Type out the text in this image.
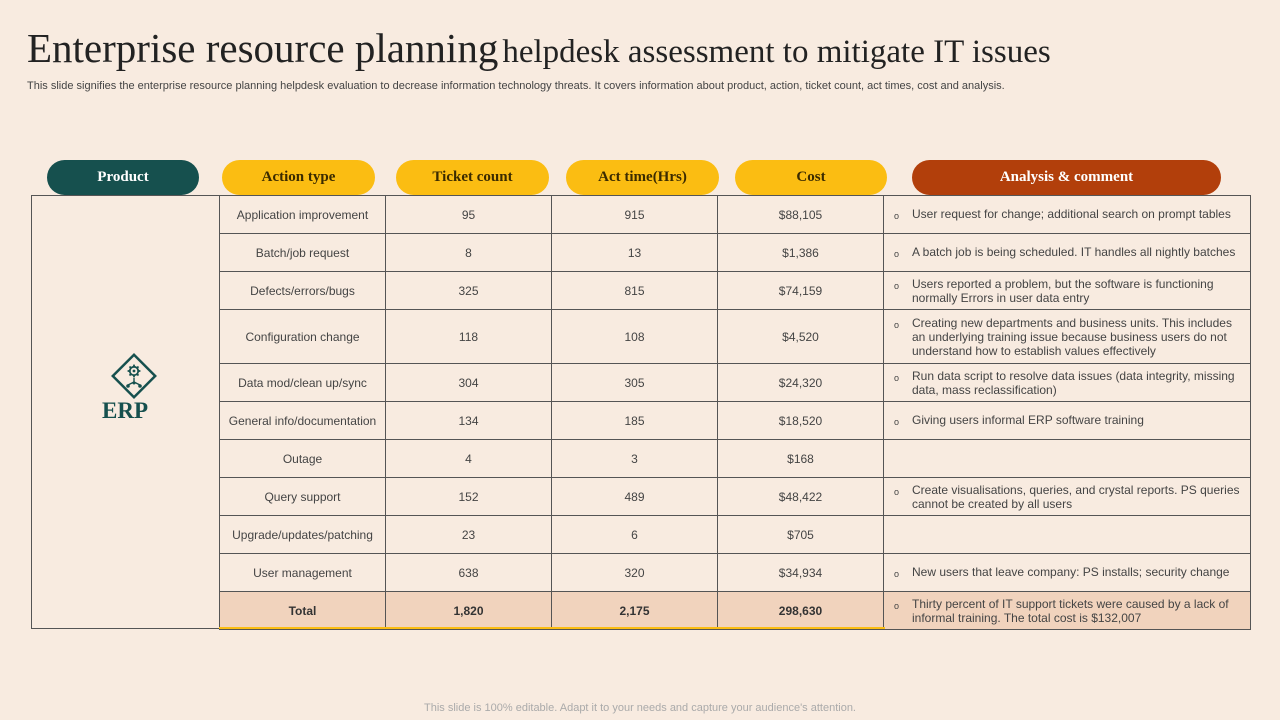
Enterprise resource planning helpdesk assessment to mitigate IT issues
This slide signifies the enterprise resource planning helpdesk evaluation to decrease information technology threats. It covers information about product, action, ticket count, act times, cost and analysis.
Product	Action type	Ticket count	Act time(Hrs)	Cost	Analysis & comment
ERP
Application improvement	95	915	$88,105	o User request for change; additional search on prompt tables

Batch/job request	8	13	$1,386	o A batch job is being scheduled. IT handles all nightly batches

Defects/errors/bugs	325	815	$74,159	o Users reported a problem, but the software is functioning normally Errors in user data entry

Configuration change	118	108	$4,520	o Creating new departments and business units. This includes an underlying training issue because business users do not understand how to establish values effectively

Data mod/clean up/sync	304	305	$24,320	o Run data script to resolve data issues (data integrity, missing data, mass reclassification)

General info/documentation	134	185	$18,520	o Giving users informal ERP software training

Outage	4	3	$168	
Query support	152	489	$48,422	o Create visualisations, queries, and crystal reports. PS queries cannot be created by all users

Upgrade/updates/patching	23	6	$705	
User management	638	320	$34,934	o New users that leave company: PS installs; security change

Total	1,820	2,175	298,630	o Thirty percent of IT support tickets were caused by a lack of informal training. The total cost is $132,007
This slide is 100% editable. Adapt it to your needs and capture your audience's attention.
